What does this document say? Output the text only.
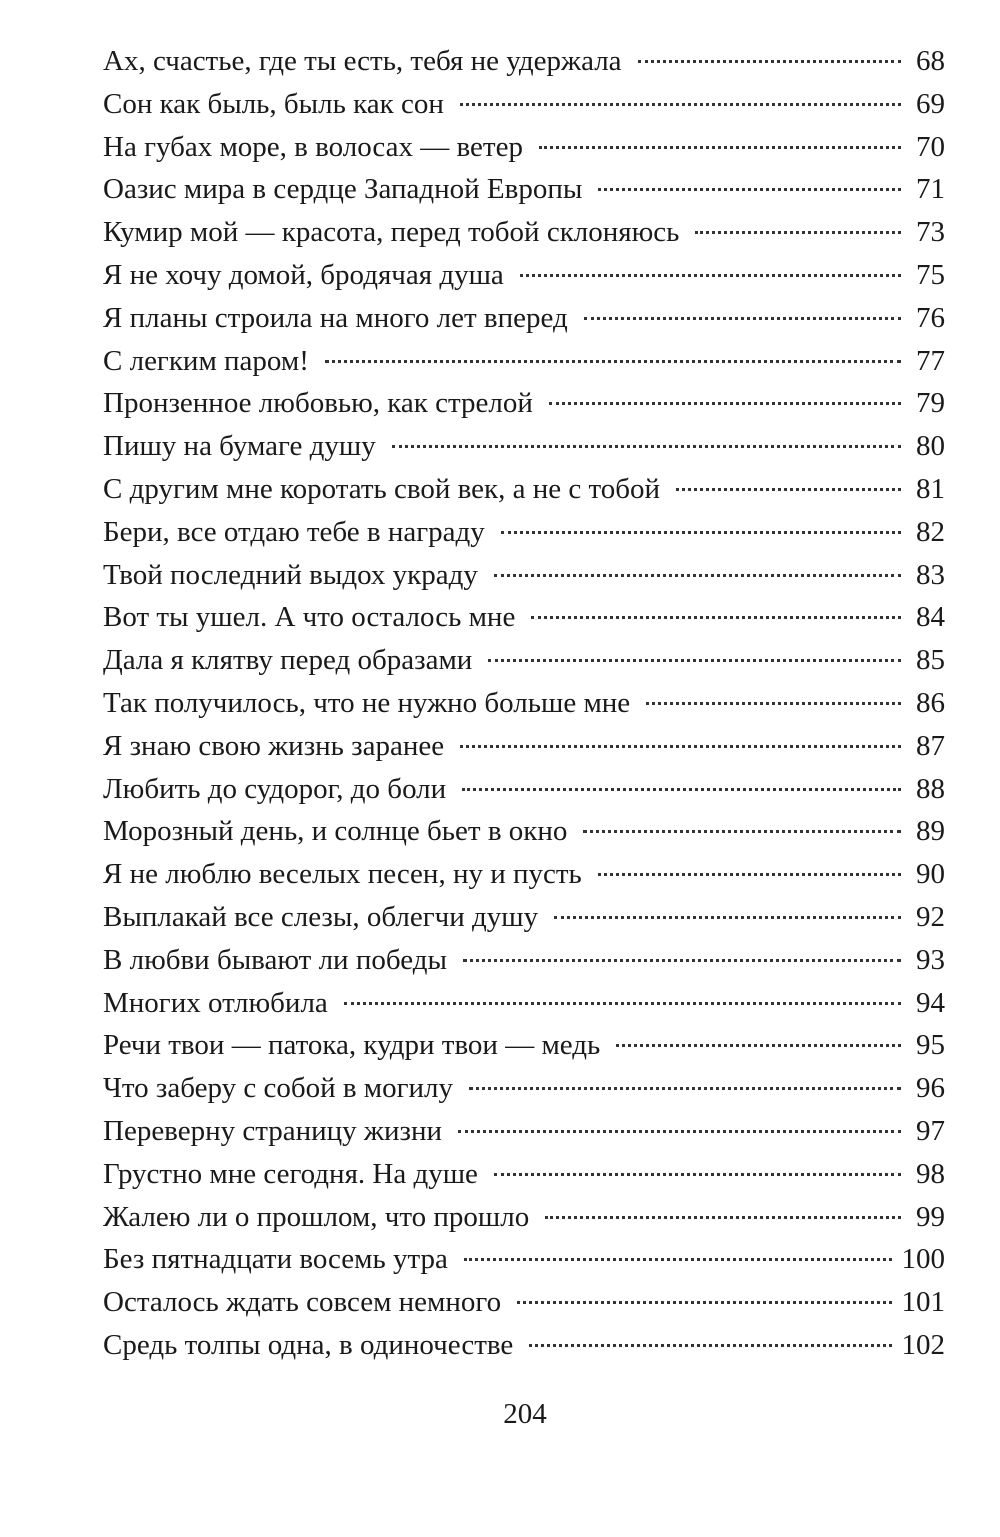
Ах, счастье, где ты есть, тебя не удержала	68
Сон как быль, быль как сон	69
На губах море, в волосах — ветер	70
Оазис мира в сердце Западной Европы	71
Кумир мой — красота, перед тобой склоняюсь	73
Я не хочу домой, бродячая душа	75
Я планы строила на много лет вперед	76
С легким паром!	77
Пронзенное любовью, как стрелой	79
Пишу на бумаге душу	80
С другим мне коротать свой век, а не с тобой	81
Бери, все отдаю тебе в награду	82
Твой последний выдох украду	83
Вот ты ушел. А что осталось мне	84
Дала я клятву перед образами	85
Так получилось, что не нужно больше мне	86
Я знаю свою жизнь заранее	87
Любить до судорог, до боли	88
Морозный день, и солнце бьет в окно	89
Я не люблю веселых песен, ну и пусть	90
Выплакай все слезы, облегчи душу	92
В любви бывают ли победы	93
Многих отлюбила	94
Речи твои — патока, кудри твои — медь	95
Что заберу с собой в могилу	96
Переверну страницу жизни	97
Грустно мне сегодня. На душе	98
Жалею ли о прошлом, что прошло	99
Без пятнадцати восемь утра	100
Осталось ждать совсем немного	101
Средь толпы одна, в одиночестве	102
204
